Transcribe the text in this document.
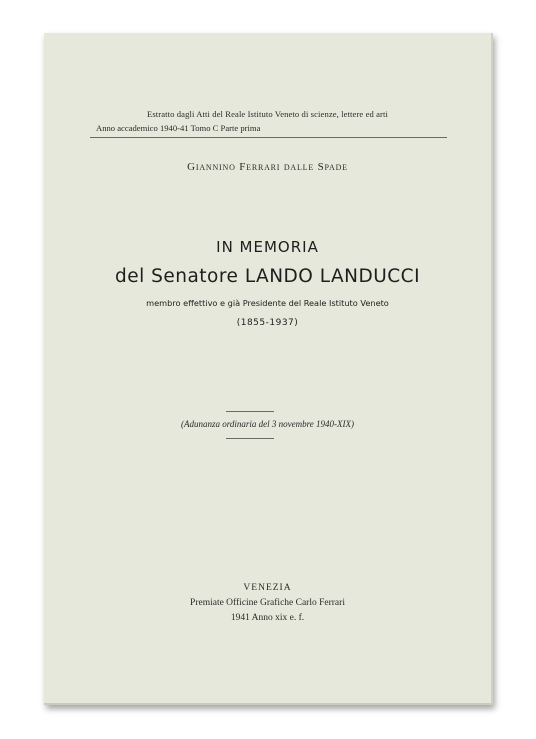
Estratto dagli Atti del Reale Istituto Veneto di scienze, lettere ed arti
Anno accademico 1940-41 Tomo C Parte prima
Giannino Ferrari dalle Spade
IN MEMORIA
del Senatore LANDO LANDUCCI
membro effettivo e già Presidente del Reale Istituto Veneto
(1855-1937)
(Adunanza ordinaria del 3 novembre 1940-XIX)
VENEZIA
Premiate Officine Grafiche Carlo Ferrari
1941 Anno xix e. f.
